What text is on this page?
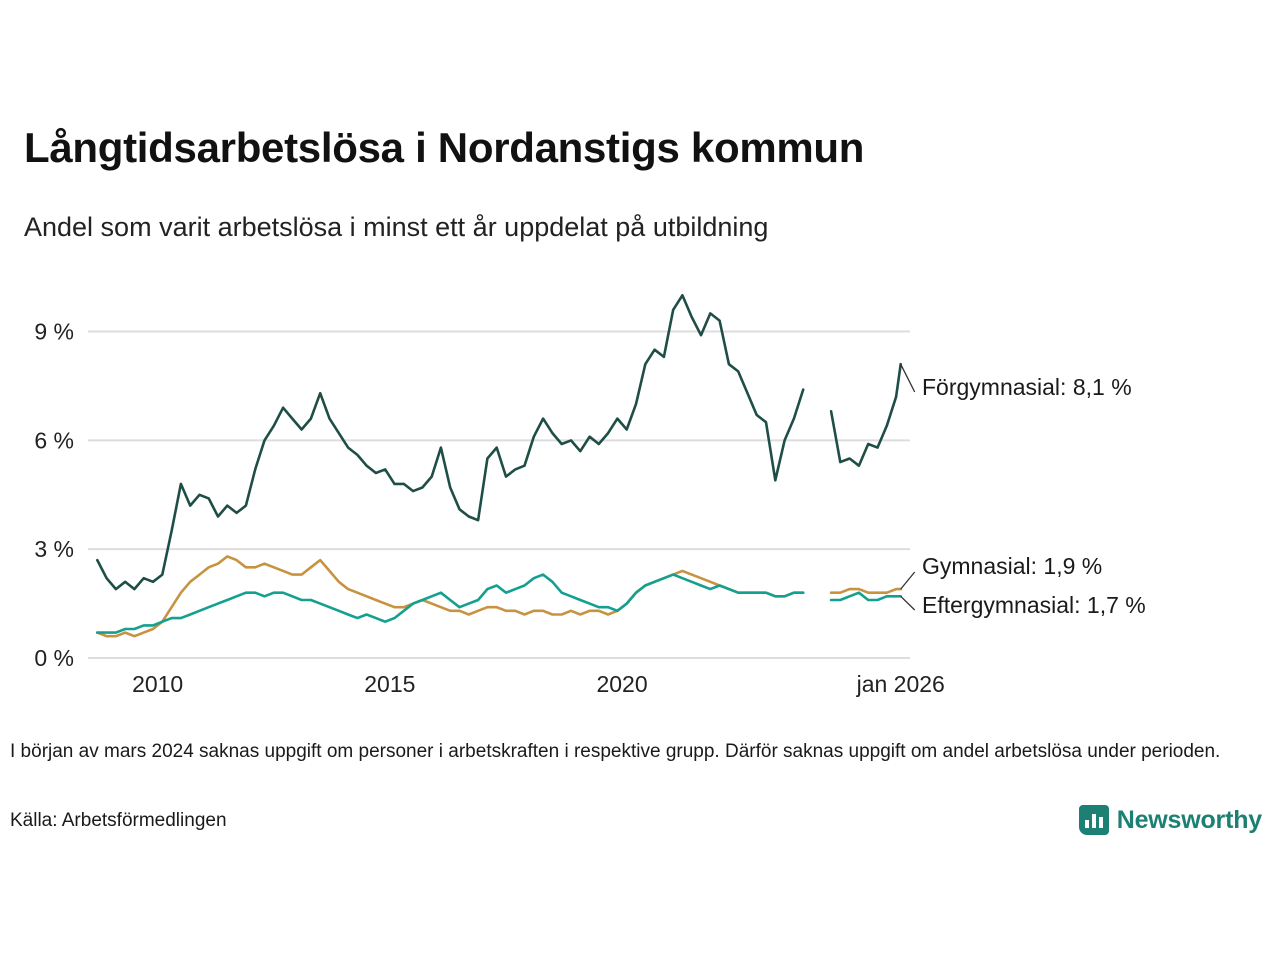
Långtidsarbetslösa i Nordanstigs kommun
Andel som varit arbetslösa i minst ett år uppdelat på utbildning
0 %
3 %
6 %
9 %
2010	2015	2020	jan 2026
Förgymnasial: 8,1 %
Gymnasial: 1,9 %
Eftergymnasial: 1,7 %
I början av mars 2024 saknas uppgift om personer i arbetskraften i respektive grupp. Därför saknas uppgift om andel arbetslösa under perioden.
Källa: Arbetsförmedlingen	Newsworthy
